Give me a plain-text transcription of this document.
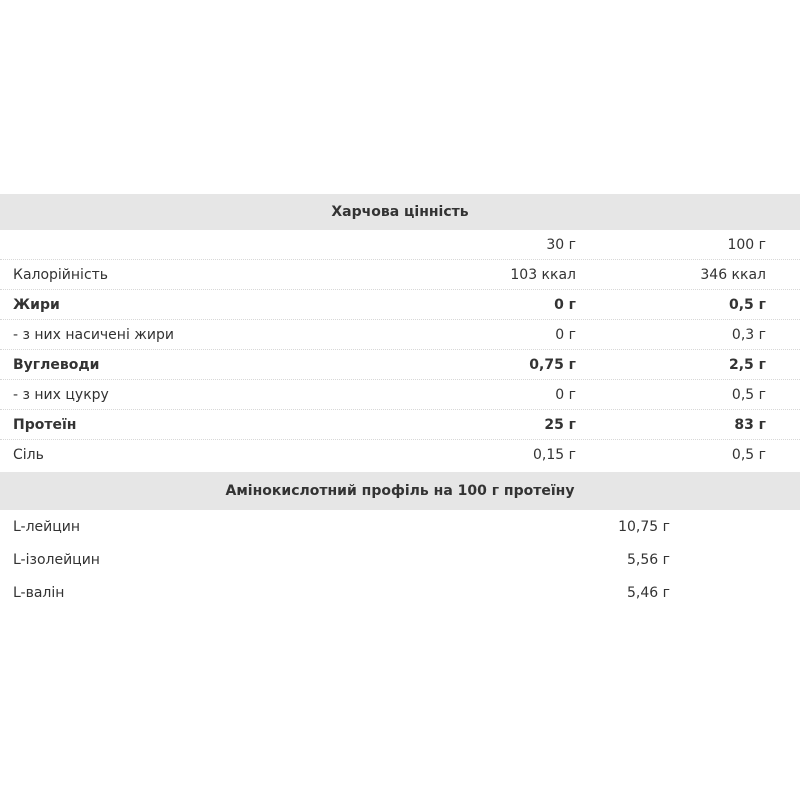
Харчова цінність
30 г	100 г
Калорійність	103 ккал	346 ккал
Жири	0 г	0,5 г
- з них насичені жири	0 г	0,3 г
Вуглеводи	0,75 г	2,5 г
- з них цукру	0 г	0,5 г
Протеїн	25 г	83 г
Сіль	0,15 г	0,5 г
Амінокислотний профіль на 100 г протеїну
L-лейцин	10,75 г
L-ізолейцин	5,56 г
L-валін	5,46 г
